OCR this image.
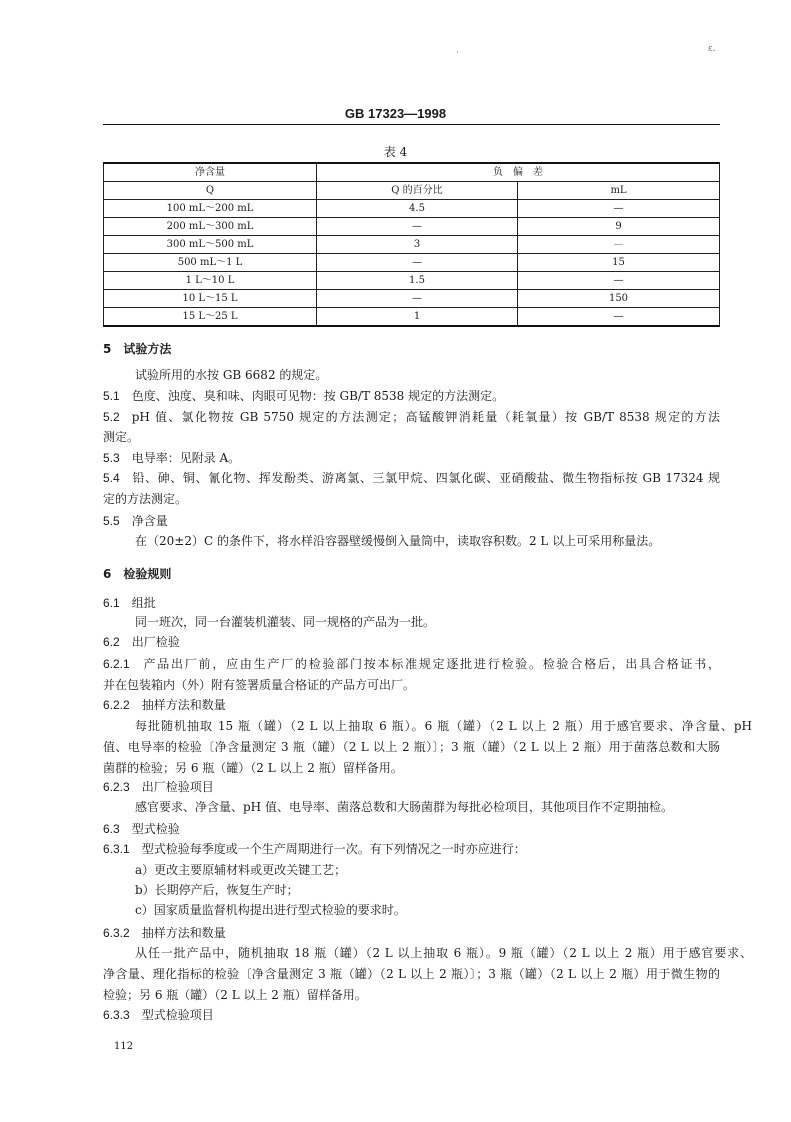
ε.
·
GB 17323—1998
表 4
净含量	负　偏　差	
Q	Q 的百分比	mL
100 mL～200 mL	4.5	—
200 mL～300 mL	—	9
300 mL～500 mL	3	—
500 mL～1 L	—	15
1 L～10 L	1.5	—
10 L～15 L	—	150
15 L～25 L	1	—
5　试验方法
试验所用的水按 GB 6682 的规定。
5.1 色度、浊度、臭和味、肉眼可见物：按 GB/T 8538 规定的方法测定。
5.2 pH 值、氯化物按 GB 5750 规定的方法测定；高锰酸钾消耗量（耗氧量）按 GB/T 8538 规定的方法
测定。
5.3 电导率：见附录 A。
5.4 铅、砷、铜、氰化物、挥发酚类、游离氯、三氯甲烷、四氯化碳、亚硝酸盐、微生物指标按 GB 17324 规
定的方法测定。
5.5 净含量
在（20±2）C 的条件下，将水样沿容器壁缓慢倒入量筒中，读取容积数。2 L 以上可采用称量法。
6　检验规则
6.1 组批
同一班次，同一台灌装机灌装、同一规格的产品为一批。
6.2 出厂检验
6.2.1 产品出厂前，应由生产厂的检验部门按本标准规定逐批进行检验。检验合格后，出具合格证书，
并在包装箱内（外）附有签署质量合格证的产品方可出厂。
6.2.2 抽样方法和数量
每批随机抽取 15 瓶（罐）（2 L 以上抽取 6 瓶）。6 瓶（罐）（2 L 以上 2 瓶）用于感官要求、净含量、pH
值、电导率的检验〔净含量测定 3 瓶（罐）（2 L 以上 2 瓶）〕；3 瓶（罐）（2 L 以上 2 瓶）用于菌落总数和大肠
菌群的检验；另 6 瓶（罐）（2 L 以上 2 瓶）留样备用。
6.2.3 出厂检验项目
感官要求、净含量、pH 值、电导率、菌落总数和大肠菌群为每批必检项目，其他项目作不定期抽检。
6.3 型式检验
6.3.1 型式检验每季度或一个生产周期进行一次。有下列情况之一时亦应进行：
a）更改主要原辅材料或更改关键工艺；
b）长期停产后，恢复生产时；
c）国家质量监督机构提出进行型式检验的要求时。
6.3.2 抽样方法和数量
从任一批产品中，随机抽取 18 瓶（罐）（2 L 以上抽取 6 瓶）。9 瓶（罐）（2 L 以上 2 瓶）用于感官要求、
净含量、理化指标的检验〔净含量测定 3 瓶（罐）（2 L 以上 2 瓶）〕；3 瓶（罐）（2 L 以上 2 瓶）用于微生物的
检验；另 6 瓶（罐）（2 L 以上 2 瓶）留样备用。
6.3.3 型式检验项目
112
